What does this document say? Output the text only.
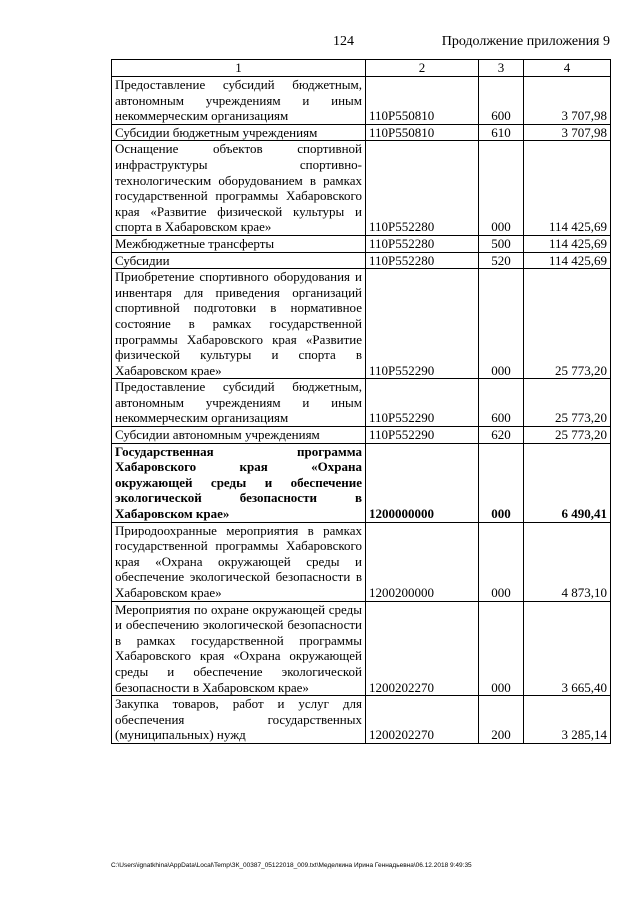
124	Продолжение приложения 9
1	2	3	4
Предоставление субсидий бюджетным, автономным учреждениям и иным некоммерческим организациям	110P550810	600	3 707,98
Субсидии бюджетным учреждениям	110P550810	610	3 707,98
Оснащение объектов спортивной инфраструктуры спортивно-технологическим оборудованием в рамках государственной программы Хабаровского края «Развитие физической культуры и спорта в Хабаровском крае»	110P552280	000	114 425,69
Межбюджетные трансферты	110P552280	500	114 425,69
Субсидии	110P552280	520	114 425,69
Приобретение спортивного оборудования и инвентаря для приведения организаций спортивной подготовки в нормативное состояние в рамках государственной программы Хабаровского края «Развитие физической культуры и спорта в Хабаровском крае»	110P552290	000	25 773,20
Предоставление субсидий бюджетным, автономным учреждениям и иным некоммерческим организациям	110P552290	600	25 773,20
Субсидии автономным учреждениям	110P552290	620	25 773,20
Государственная программа Хабаровского края «Охрана окружающей среды и обеспечение экологической безопасности в Хабаровском крае»	1200000000	000	6 490,41
Природоохранные мероприятия в рамках государственной программы Хабаровского края «Охрана окружающей среды и обеспечение экологической безопасности в Хабаровском крае»	1200200000	000	4 873,10
Мероприятия по охране окружающей среды и обеспечению экологической безопасности в рамках государственной программы Хабаровского края «Охрана окружающей среды и обеспечение экологической безопасности в Хабаровском крае»	1200202270	000	3 665,40
Закупка товаров, работ и услуг для обеспечения государственных (муниципальных) нужд	1200202270	200	3 285,14
C:\Users\ignatkhina\AppData\Local\Temp\ЗК_00387_05122018_009.txt\Меделкина Ирина Геннадьевна\06.12.2018 9:49:35
